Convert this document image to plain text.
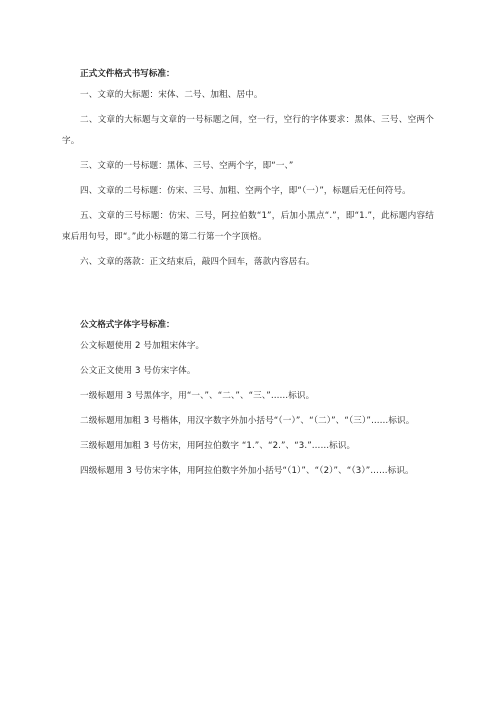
正式文件格式书写标准：
一、文章的大标题：宋体、二号、加粗、居中。
二、文章的大标题与文章的一号标题之间，空一行，空行的字体要求：黑体、三号、空两个字。
三、文章的一号标题：黑体、三号、空两个字，即“一、”
四、文章的二号标题：仿宋、三号、加粗、空两个字，即“（一）”，标题后无任何符号。
五、文章的三号标题：仿宋、三号，阿拉伯数“1”，后加小黑点“.”，即“1.”，此标题内容结束后用句号，即“。”此小标题的第二行第一个字顶格。
六、文章的落款：正文结束后，敲四个回车，落款内容居右。
公文格式字体字号标准：
公文标题使用 2 号加粗宋体字。
公文正文使用 3 号仿宋字体。
一级标题用 3 号黑体字，用“一、”、“二、”、“三、”……标识。
二级标题用加粗 3 号楷体，用汉字数字外加小括号“（一）”、“（二）”、“（三）”……标识。
三级标题用加粗 3 号仿宋，用阿拉伯数字 “1.”、“2.”、“3.”……标识。
四级标题用 3 号仿宋字体，用阿拉伯数字外加小括号“（1）”、“（2）”、“（3）”……标识。
